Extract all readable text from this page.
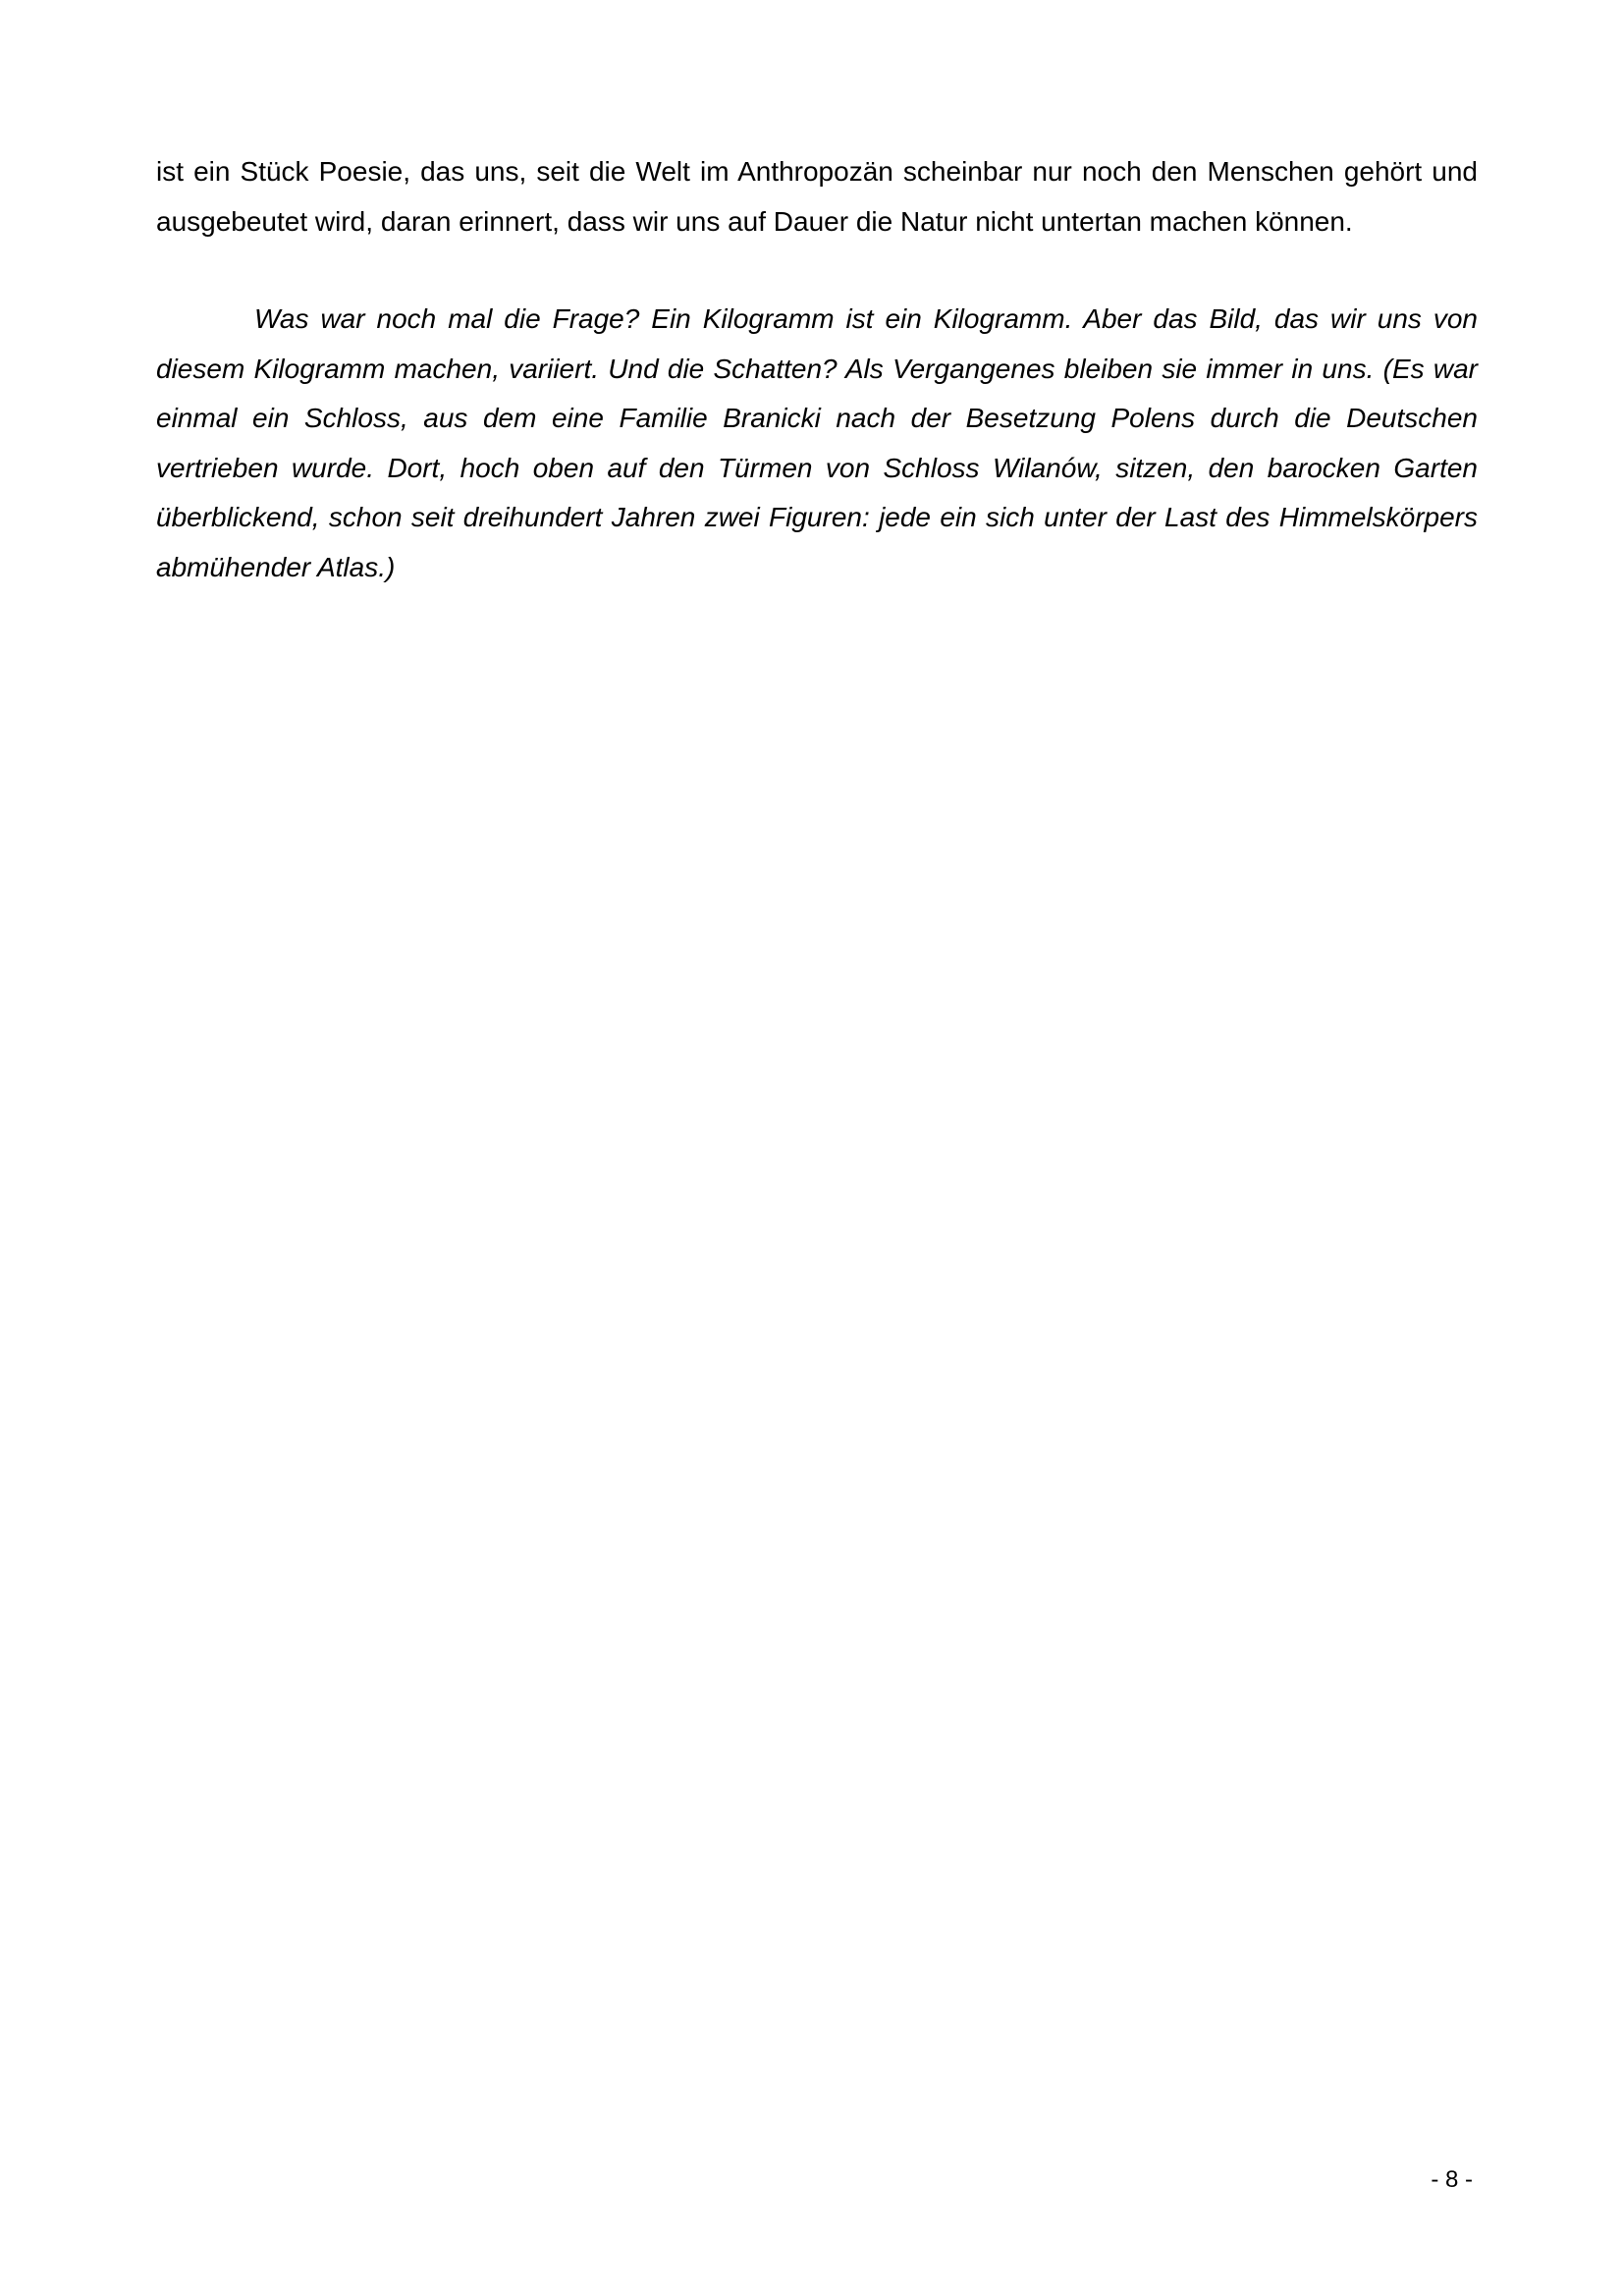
ist ein Stück Poesie, das uns, seit die Welt im Anthropozän scheinbar nur noch den Menschen gehört und ausgebeutet wird, daran erinnert, dass wir uns auf Dauer die Natur nicht untertan machen können.

Was war noch mal die Frage? Ein Kilogramm ist ein Kilogramm. Aber das Bild, das wir uns von diesem Kilogramm machen, variiert. Und die Schatten? Als Vergangenes bleiben sie immer in uns. (Es war einmal ein Schloss, aus dem eine Familie Branicki nach der Besetzung Polens durch die Deutschen vertrieben wurde. Dort, hoch oben auf den Türmen von Schloss Wilanów, sitzen, den barocken Garten überblickend, schon seit dreihundert Jahren zwei Figuren: jede ein sich unter der Last des Himmelskörpers abmühender Atlas.)

- 8 -
